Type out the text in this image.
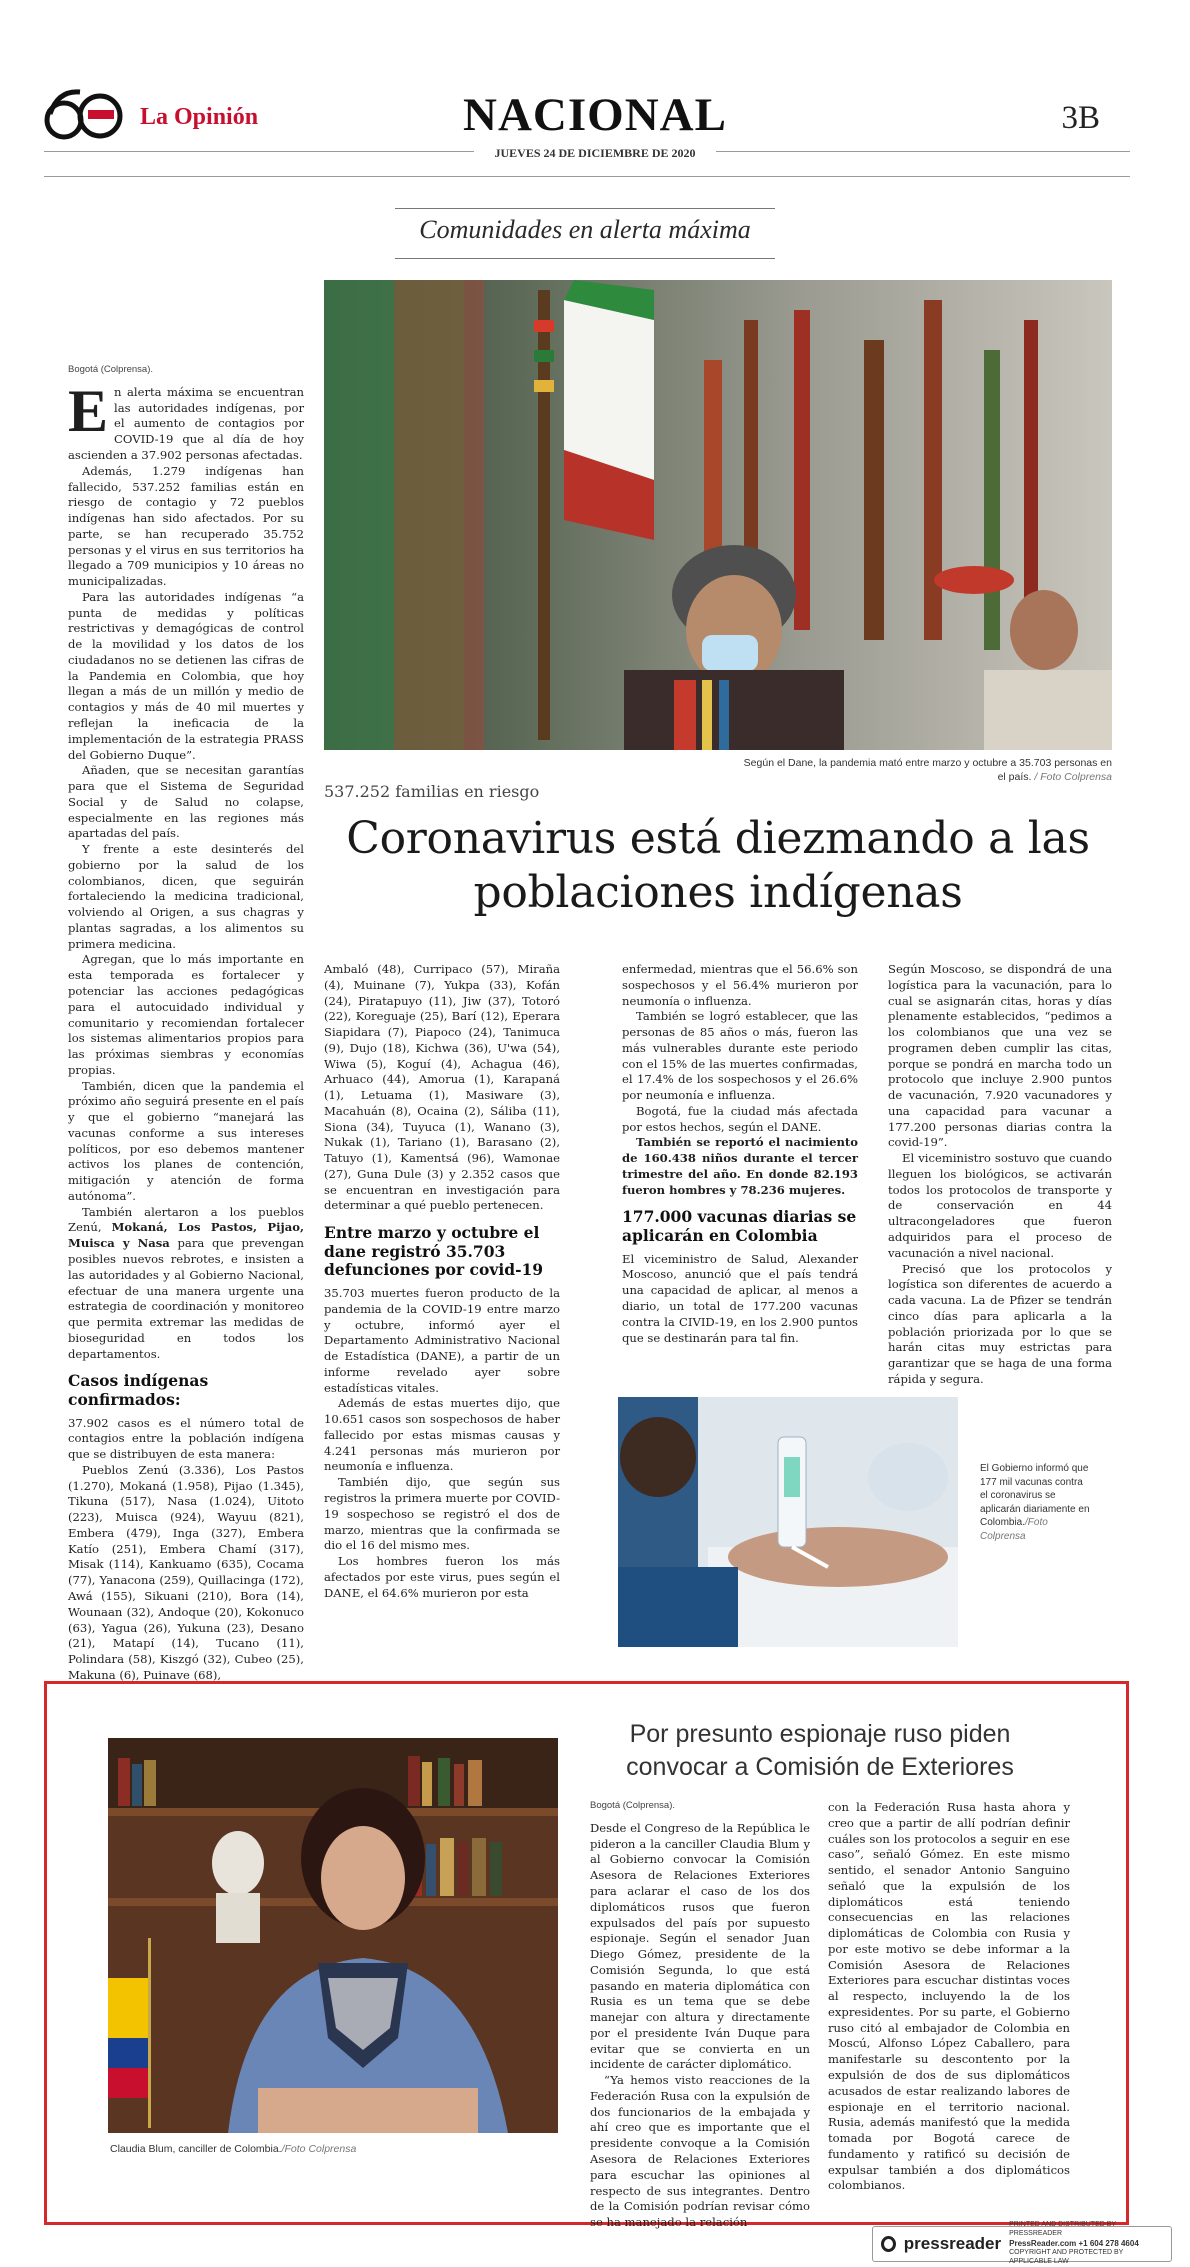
La Opinión	NACIONAL	3B
JUEVES 24 DE DICIEMBRE DE 2020
Comunidades en alerta máxima
Según el Dane, la pandemia mató entre marzo y octubre a 35.703 personas en el país. / Foto Colprensa
537.252 familias en riesgo
Coronavirus está diezmando a las poblaciones indígenas
Bogotá (Colprensa).

En alerta máxima se encuentran las autoridades indígenas, por el aumento de contagios por COVID-19 que al día de hoy ascienden a 37.902 personas afectadas.

Además, 1.279 indígenas han fallecido, 537.252 familias están en riesgo de contagio y 72 pueblos indígenas han sido afectados. Por su parte, se han recuperado 35.752 personas y el virus en sus territorios ha llegado a 709 municipios y 10 áreas no municipalizadas.

Para las autoridades indígenas “a punta de medidas y políticas restrictivas y demagógicas de control de la movilidad y los datos de los ciudadanos no se detienen las cifras de la Pandemia en Colombia, que hoy llegan a más de un millón y medio de contagios y más de 40 mil muertes y reflejan la ineficacia de la implementación de la estrategia PRASS del Gobierno Duque”.

Añaden, que se necesitan garantías para que el Sistema de Seguridad Social y de Salud no colapse, especialmente en las regiones más apartadas del país.

Y frente a este desinterés del gobierno por la salud de los colombianos, dicen, que seguirán fortaleciendo la medicina tradicional, volviendo al Origen, a sus chagras y plantas sagradas, a los alimentos su primera medicina.

Agregan, que lo más importante en esta temporada es fortalecer y potenciar las acciones pedagógicas para el autocuidado individual y comunitario y recomiendan fortalecer los sistemas alimentarios propios para las próximas siembras y economías propias.

También, dicen que la pandemia el próximo año seguirá presente en el país y que el gobierno “manejará las vacunas conforme a sus intereses políticos, por eso debemos mantener activos los planes de contención, mitigación y atención de forma autónoma”.

También alertaron a los pueblos Zenú, Mokaná, Los Pastos, Pijao, Muisca y Nasa para que prevengan posibles nuevos rebrotes, e insisten a las autoridades y al Gobierno Nacional, efectuar de una manera urgente una estrategia de coordinación y monitoreo que permita extremar las medidas de bioseguridad en todos los departamentos.

Casos indígenas confirmados:

37.902 casos es el número total de contagios entre la población indígena que se distribuyen de esta manera:

Pueblos Zenú (3.336), Los Pastos (1.270), Mokaná (1.958), Pijao (1.345), Tikuna (517), Nasa (1.024), Uitoto (223), Muisca (924), Wayuu (821), Embera (479), Inga (327), Embera Katío (251), Embera Chamí (317), Misak (114), Kankuamo (635), Cocama (77), Yanacona (259), Quillacinga (172), Awá (155), Sikuani (210), Bora (14), Wounaan (32), Andoque (20), Kokonuco (63), Yagua (26), Yukuna (23), Desano (21), Matapí (14), Tucano (11), Polindara (58), Kiszgó (32), Cubeo (25), Makuna (6), Puinave (68),

Ambaló (48), Curripaco (57), Miraña (4), Muinane (7), Yukpa (33), Kofán (24), Piratapuyo (11), Jiw (37), Totoró (22), Koreguaje (25), Barí (12), Eperara Siapidara (7), Piapoco (24), Tanimuca (9), Dujo (18), Kichwa (36), U'wa (54), Wiwa (5), Koguí (4), Achagua (46), Arhuaco (44), Amorua (1), Karapaná (1), Letuama (1), Masiware (3), Macahuán (8), Ocaina (2), Sáliba (11), Siona (34), Tuyuca (1), Wanano (3), Nukak (1), Tariano (1), Barasano (2), Tatuyo (1), Kamentsá (96), Wamonae (27), Guna Dule (3) y 2.352 casos que se encuentran en investigación para determinar a qué pueblo pertenecen.

Entre marzo y octubre el dane registró 35.703 defunciones por covid-19

35.703 muertes fueron producto de la pandemia de la COVID-19 entre marzo y octubre, informó ayer el Departamento Administrativo Nacional de Estadística (DANE), a partir de un informe revelado ayer sobre estadísticas vitales.

Además de estas muertes dijo, que 10.651 casos son sospechosos de haber fallecido por estas mismas causas y 4.241 personas más murieron por neumonía e influenza.

También dijo, que según sus registros la primera muerte por COVID-19 sospechoso se registró el dos de marzo, mientras que la confirmada se dio el 16 del mismo mes.

Los hombres fueron los más afectados por este virus, pues según el DANE, el 64.6% murieron por esta

enfermedad, mientras que el 56.6% son sospechosos y el 56.4% murieron por neumonía o influenza.

También se logró establecer, que las personas de 85 años o más, fueron las más vulnerables durante este periodo con el 15% de las muertes confirmadas, el 17.4% de los sospechosos y el 26.6% por neumonía e influenza.

Bogotá, fue la ciudad más afectada por estos hechos, según el DANE.

También se reportó el nacimiento de 160.438 niños durante el tercer trimestre del año. En donde 82.193 fueron hombres y 78.236 mujeres.

177.000 vacunas diarias se aplicarán en Colombia

El viceministro de Salud, Alexander Moscoso, anunció que el país tendrá una capacidad de aplicar, al menos a diario, un total de 177.200 vacunas contra la CIVID-19, en los 2.900 puntos que se destinarán para tal fin.

Según Moscoso, se dispondrá de una logística para la vacunación, para lo cual se asignarán citas, horas y días plenamente establecidos, “pedimos a los colombianos que una vez se programen deben cumplir las citas, porque se pondrá en marcha todo un protocolo que incluye 2.900 puntos de vacunación, 7.920 vacunadores y una capacidad para vacunar a 177.200 personas diarias contra la covid-19”.

El viceministro sostuvo que cuando lleguen los biológicos, se activarán todos los protocolos de transporte y de conservación en 44 ultracongeladores que fueron adquiridos para el proceso de vacunación a nivel nacional.

Precisó que los protocolos y logística son diferentes de acuerdo a cada vacuna. La de Pfizer se tendrán cinco días para aplicarla a la población priorizada por lo que se harán citas muy estrictas para garantizar que se haga de una forma rápida y segura.

El Gobierno informó que 177 mil vacunas contra el coronavirus se aplicarán diariamente en Colombia./Foto Colprensa
Claudia Blum, canciller de Colombia./Foto Colprensa
Por presunto espionaje ruso piden convocar a Comisión de Exteriores
Bogotá (Colprensa).

Desde el Congreso de la República le pideron a la canciller Claudia Blum y al Gobierno convocar la Comisión Asesora de Relaciones Exteriores para aclarar el caso de los dos diplomáticos rusos que fueron expulsados del país por supuesto espionaje. Según el senador Juan Diego Gómez, presidente de la Comisión Segunda, lo que está pasando en materia diplomática con Rusia es un tema que se debe manejar con altura y directamente por el presidente Iván Duque para evitar que se convierta en un incidente de carácter diplomático.

“Ya hemos visto reacciones de la Federación Rusa con la expulsión de dos funcionarios de la embajada y ahí creo que es importante que el presidente convoque a la Comisión Asesora de Relaciones Exteriores para escuchar las opiniones al respecto de sus integrantes. Dentro de la Comisión podrían revisar cómo se ha manejado la relación

con la Federación Rusa hasta ahora y creo que a partir de allí podrían definir cuáles son los protocolos a seguir en ese caso”, señaló Gómez. En este mismo sentido, el senador Antonio Sanguino señaló que la expulsión de los diplomáticos está teniendo consecuencias en las relaciones diplomáticas de Colombia con Rusia y por este motivo se debe informar a la Comisión Asesora de Relaciones Exteriores para escuchar distintas voces al respecto, incluyendo la de los expresidentes. Por su parte, el Gobierno ruso citó al embajador de Colombia en Moscú, Alfonso López Caballero, para manifestarle su descontento por la expulsión de dos de sus diplomáticos acusados de estar realizando labores de espionaje en el territorio nacional. Rusia, además manifestó que la medida tomada por Bogotá carece de fundamento y ratificó su decisión de expulsar también a dos diplomáticos colombianos.

pressreader
PRINTED AND DISTRIBUTED BY PRESSREADER
PressReader.com +1 604 278 4604
COPYRIGHT AND PROTECTED BY APPLICABLE LAW
